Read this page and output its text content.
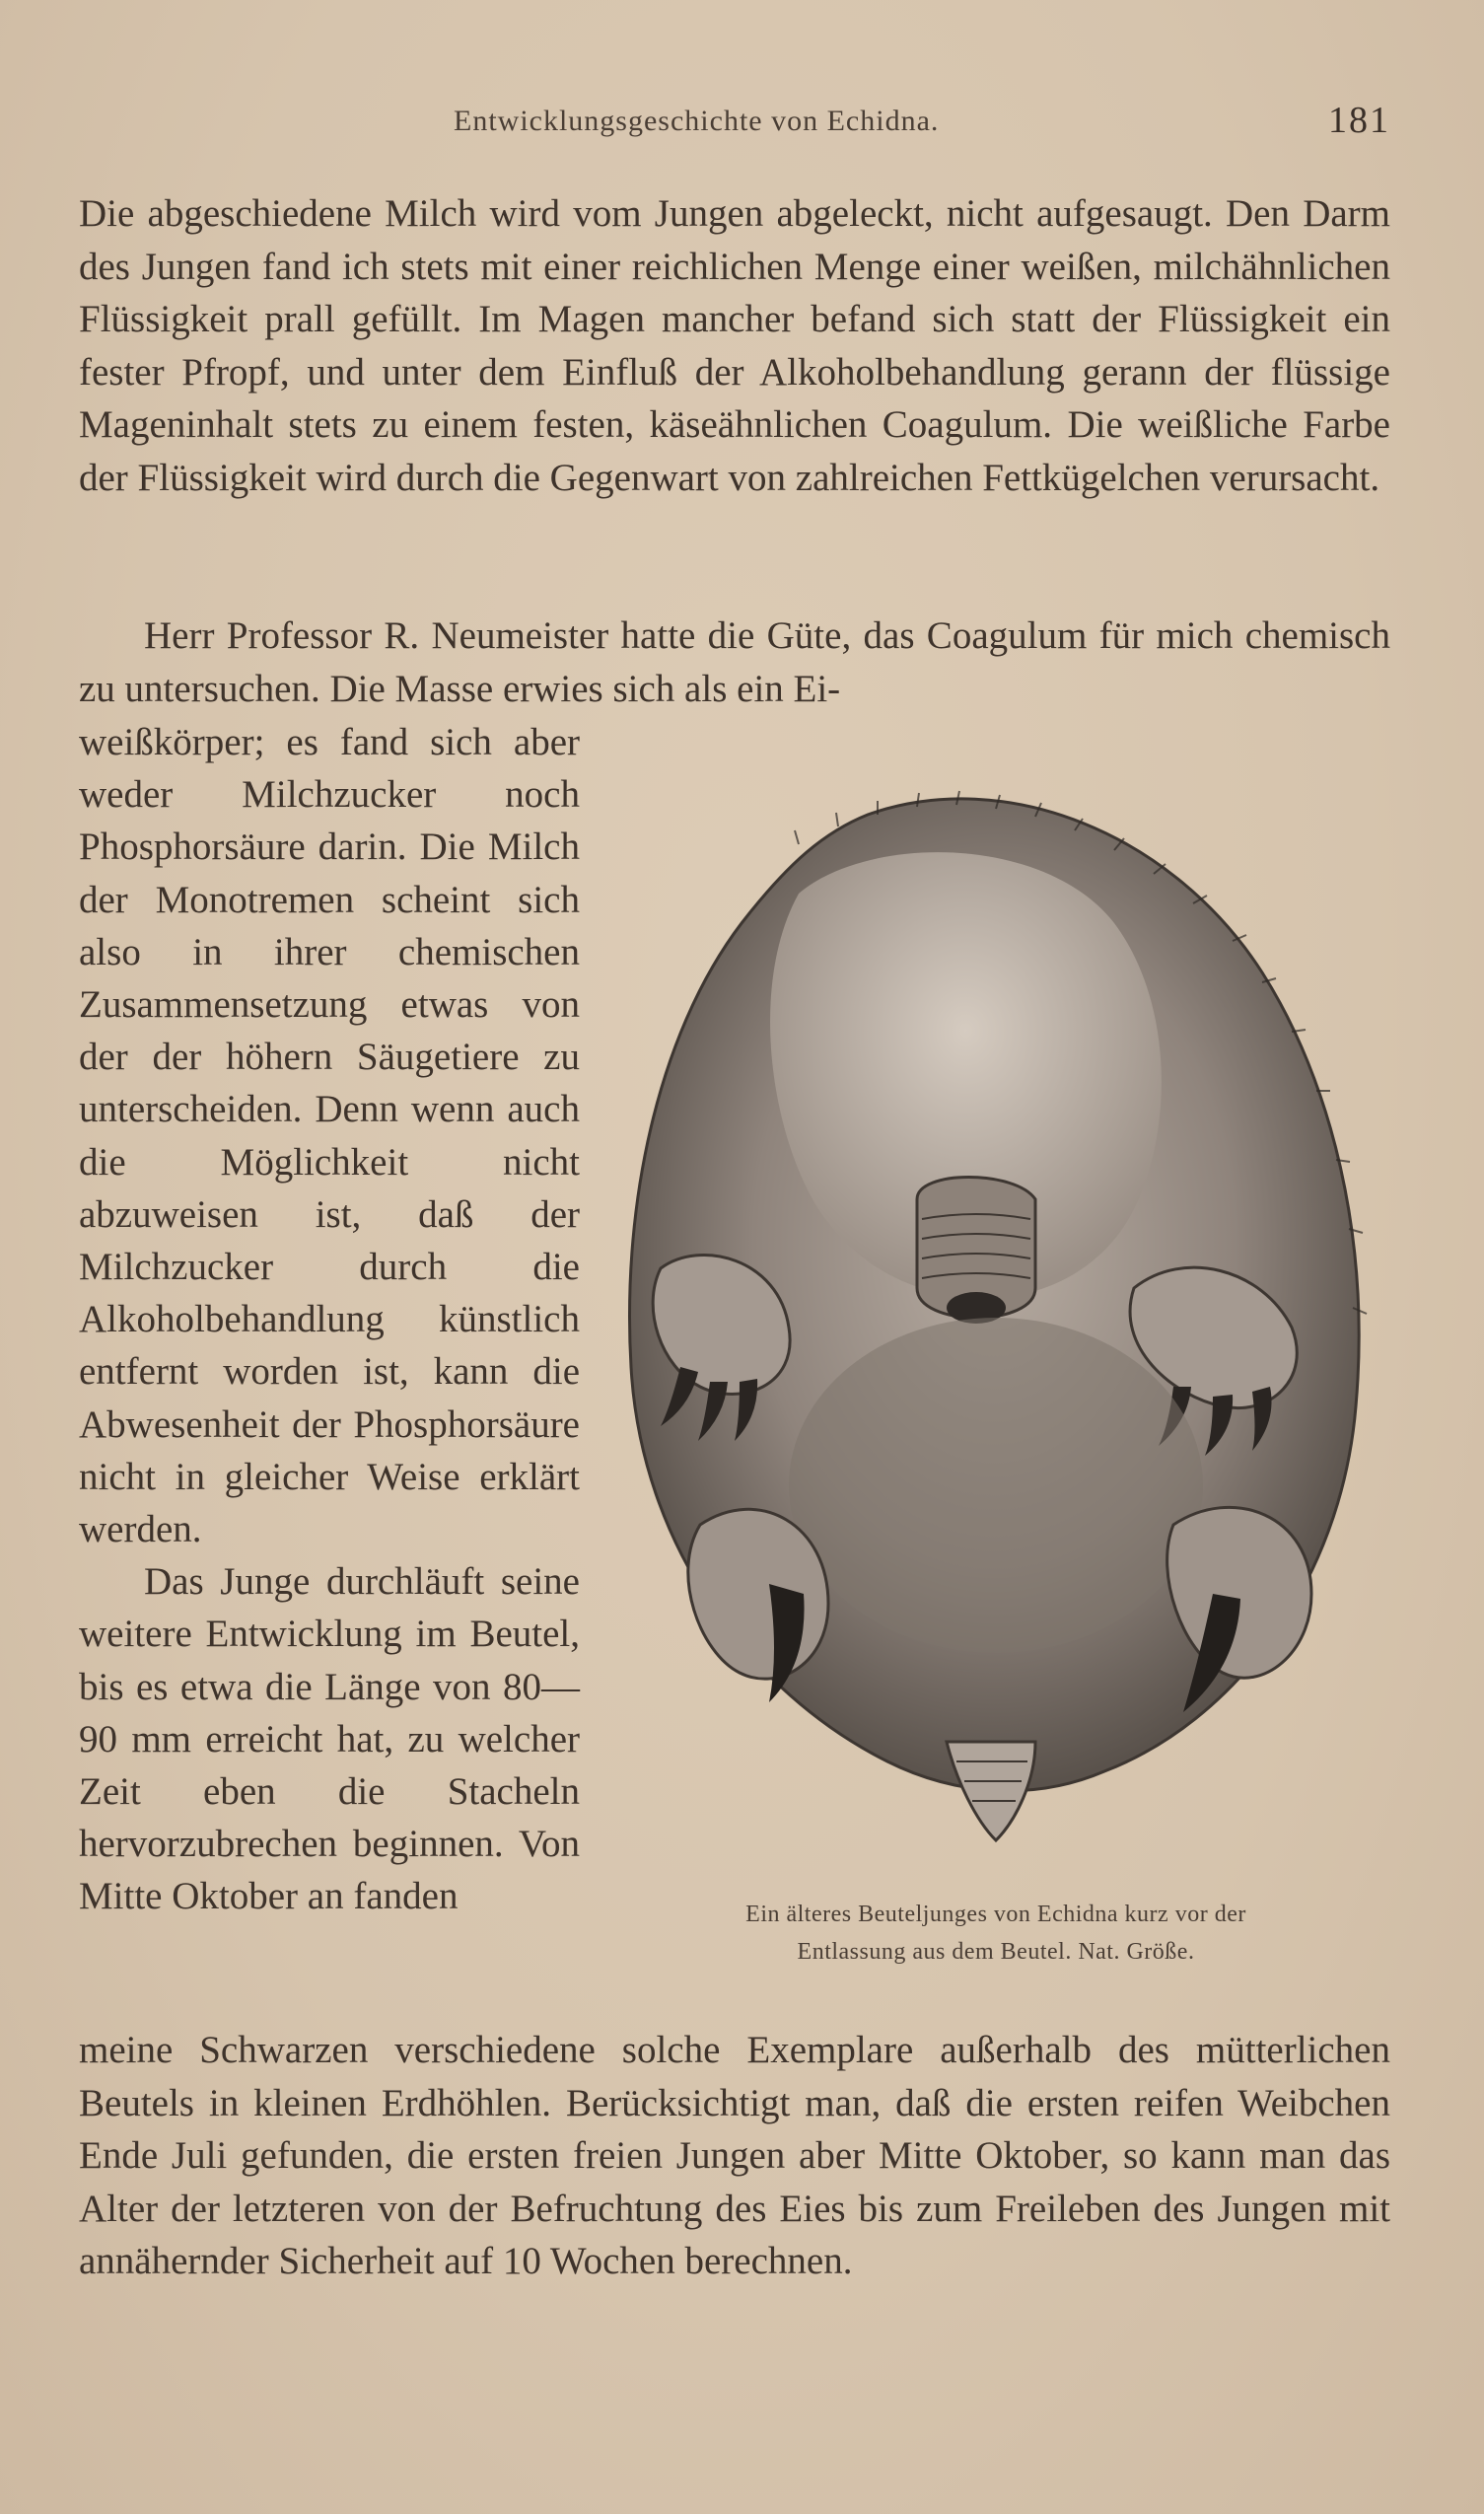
Entwicklungsgeschichte von Echidna.	181

Die abgeschiedene Milch wird vom Jungen abgeleckt, nicht aufgesaugt. Den Darm des Jungen fand ich stets mit einer reichlichen Menge einer weißen, milchähnlichen Flüssigkeit prall gefüllt. Im Magen mancher befand sich statt der Flüssigkeit ein fester Pfropf, und unter dem Einfluß der Alkoholbehandlung gerann der flüssige Mageninhalt stets zu einem festen, käseähnlichen Coagulum. Die weißliche Farbe der Flüssigkeit wird durch die Gegenwart von zahlreichen Fettkügelchen verursacht.

Herr Professor R. Neumeister hatte die Güte, das Coagulum für mich chemisch zu untersuchen. Die Masse erwies sich als ein Ei-

weißkörper; es fand sich aber weder Milchzucker noch Phosphorsäure darin. Die Milch der Monotremen scheint sich also in ihrer chemischen Zusammensetzung etwas von der der höhern Säugetiere zu unterscheiden. Denn wenn auch die Möglichkeit nicht abzuweisen ist, daß der Milchzucker durch die Alkoholbehandlung künstlich entfernt worden ist, kann die Abwesenheit der Phosphorsäure nicht in gleicher Weise erklärt werden.

Das Junge durchläuft seine weitere Entwicklung im Beutel, bis es etwa die Länge von 80—90 mm erreicht hat, zu welcher Zeit eben die Stacheln hervorzubrechen beginnen. Von Mitte Oktober an fanden	Ein älteres Beuteljunges von Echidna kurz vor der
Entlassung aus dem Beutel. Nat. Größe.

meine Schwarzen verschiedene solche Exemplare außerhalb des mütterlichen Beutels in kleinen Erdhöhlen. Berücksichtigt man, daß die ersten reifen Weibchen Ende Juli gefunden, die ersten freien Jungen aber Mitte Oktober, so kann man das Alter der letzteren von der Befruchtung des Eies bis zum Freileben des Jungen mit annähernder Sicherheit auf 10 Wochen berechnen.
